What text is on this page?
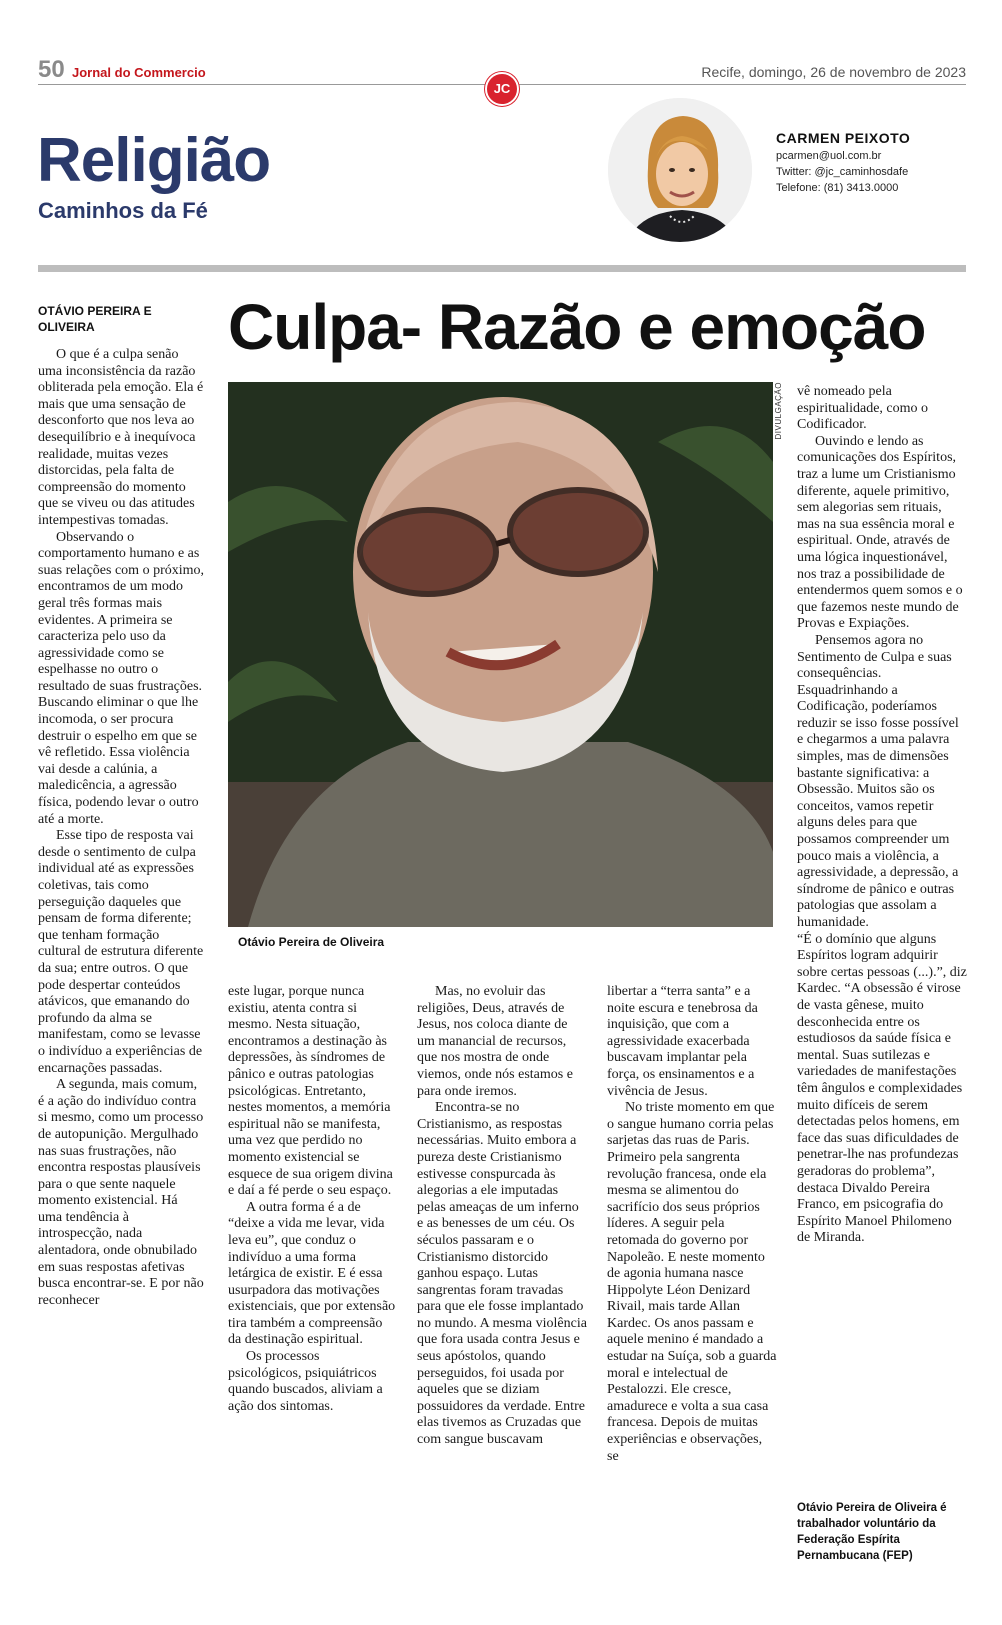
50 Jornal do Commercio	Recife, domingo, 26 de novembro de 2023
JC
Religião
Caminhos da Fé
CARMEN PEIXOTO
pcarmen@uol.com.br
Twitter: @jc_caminhosdafe
Telefone: (81) 3413.0000
OTÁVIO PEREIRA E OLIVEIRA	Culpa- Razão e emoção
DIVULGAÇÃO
Otávio Pereira de Oliveira

O que é a culpa senão uma inconsistência da razão obliterada pela emoção. Ela é mais que uma sensação de desconforto que nos leva ao desequilíbrio e à inequívoca realidade, muitas vezes distorcidas, pela falta de compreensão do momento que se viveu ou das atitudes intempestivas tomadas.

Observando o comportamento humano e as suas relações com o próximo, encontramos de um modo geral três formas mais evidentes. A primeira se caracteriza pelo uso da agressividade como se espelhasse no outro o resultado de suas frustrações. Buscando eliminar o que lhe incomoda, o ser procura destruir o espelho em que se vê refletido. Essa violência vai desde a calúnia, a maledicência, a agressão física, podendo levar o outro até a morte.

Esse tipo de resposta vai desde o sentimento de culpa individual até as expressões coletivas, tais como perseguição daqueles que pensam de forma diferente; que tenham formação cultural de estrutura diferente da sua; entre outros. O que pode despertar conteúdos atávicos, que emanando do profundo da alma se manifestam, como se levasse o indivíduo a experiências de encarnações passadas.

A segunda, mais comum, é a ação do indivíduo contra si mesmo, como um processo de autopunição. Mergulhado nas suas frustrações, não encontra respostas plausíveis para o que sente naquele momento existencial. Há uma tendência à introspecção, nada alentadora, onde obnubilado em suas respostas afetivas busca encontrar-se. E por não reconhecer

este lugar, porque nunca existiu, atenta contra si mesmo. Nesta situação, encontramos a destinação às depressões, às síndromes de pânico e outras patologias psicológicas. Entretanto, nestes momentos, a memória espiritual não se manifesta, uma vez que perdido no momento existencial se esquece de sua origem divina e daí a fé perde o seu espaço.

A outra forma é a de “deixe a vida me levar, vida leva eu”, que conduz o indivíduo a uma forma letárgica de existir. E é essa usurpadora das motivações existenciais, que por extensão tira também a compreensão da destinação espiritual.

Os processos psicológicos, psiquiátricos quando buscados, aliviam a ação dos sintomas.

Mas, no evoluir das religiões, Deus, através de Jesus, nos coloca diante de um manancial de recursos, que nos mostra de onde viemos, onde nós estamos e para onde iremos.

Encontra-se no Cristianismo, as respostas necessárias. Muito embora a pureza deste Cristianismo estivesse conspurcada às alegorias a ele imputadas pelas ameaças de um inferno e as benesses de um céu. Os séculos passaram e o Cristianismo distorcido ganhou espaço. Lutas sangrentas foram travadas para que ele fosse implantado no mundo. A mesma violência que fora usada contra Jesus e seus apóstolos, quando perseguidos, foi usada por aqueles que se diziam possuidores da verdade. Entre elas tivemos as Cruzadas que com sangue buscavam

libertar a “terra santa” e a noite escura e tenebrosa da inquisição, que com a agressividade exacerbada buscavam implantar pela força, os ensinamentos e a vivência de Jesus.

No triste momento em que o sangue humano corria pelas sarjetas das ruas de Paris. Primeiro pela sangrenta revolução francesa, onde ela mesma se alimentou do sacrifício dos seus próprios líderes. A seguir pela retomada do governo por Napoleão. E neste momento de agonia humana nasce Hippolyte Léon Denizard Rivail, mais tarde Allan Kardec. Os anos passam e aquele menino é mandado a estudar na Suíça, sob a guarda moral e intelectual de Pestalozzi. Ele cresce, amadurece e volta a sua casa francesa. Depois de muitas experiências e observações, se

vê nomeado pela espiritualidade, como o Codificador.

Ouvindo e lendo as comunicações dos Espíritos, traz a lume um Cristianismo diferente, aquele primitivo, sem alegorias sem rituais, mas na sua essência moral e espiritual. Onde, através de uma lógica inquestionável, nos traz a possibilidade de entendermos quem somos e o que fazemos neste mundo de Provas e Expiações.

Pensemos agora no Sentimento de Culpa e suas consequências. Esquadrinhando a Codificação, poderíamos reduzir se isso fosse possível e chegarmos a uma palavra simples, mas de dimensões bastante significativa: a Obsessão. Muitos são os conceitos, vamos repetir alguns deles para que possamos compreender um pouco mais a violência, a agressividade, a depressão, a síndrome de pânico e outras patologias que assolam a humanidade.

“É o domínio que alguns Espíritos logram adquirir sobre certas pessoas (...).”, diz Kardec. “A obsessão é virose de vasta gênese, muito desconhecida entre os estudiosos da saúde física e mental. Suas sutilezas e variedades de manifestações têm ângulos e complexidades muito difíceis de serem detectadas pelos homens, em face das suas dificuldades de penetrar-lhe nas profundezas geradoras do problema”, destaca Divaldo Pereira Franco, em psicografia do Espírito Manoel Philomeno de Miranda.

Otávio Pereira de Oliveira é trabalhador voluntário da Federação Espírita Pernambucana (FEP)
